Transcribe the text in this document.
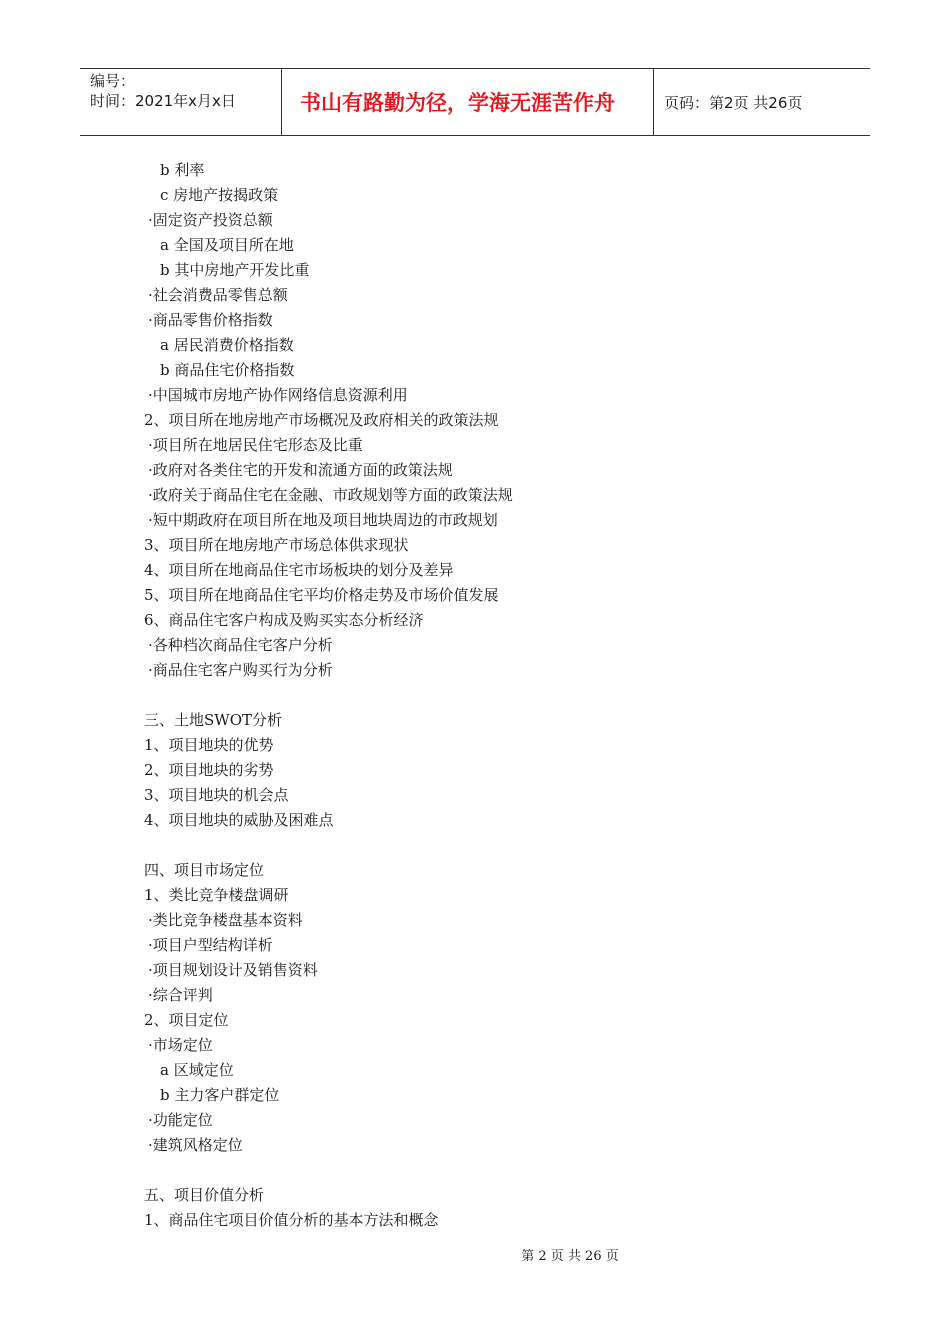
编号：
时间：2021年x月x日	书山有路勤为径，学海无涯苦作舟	页码：第2页 共26页
b 利率
c 房地产按揭政策
·固定资产投资总额
a 全国及项目所在地
b 其中房地产开发比重
·社会消费品零售总额
·商品零售价格指数
a 居民消费价格指数
b 商品住宅价格指数
·中国城市房地产协作网络信息资源利用
2、项目所在地房地产市场概况及政府相关的政策法规
·项目所在地居民住宅形态及比重
·政府对各类住宅的开发和流通方面的政策法规
·政府关于商品住宅在金融、市政规划等方面的政策法规
·短中期政府在项目所在地及项目地块周边的市政规划
3、项目所在地房地产市场总体供求现状
4、项目所在地商品住宅市场板块的划分及差异
5、项目所在地商品住宅平均价格走势及市场价值发展
6、商品住宅客户构成及购买实态分析经济
·各种档次商品住宅客户分析
·商品住宅客户购买行为分析
三、土地SWOT分析
1、项目地块的优势
2、项目地块的劣势
3、项目地块的机会点
4、项目地块的威胁及困难点
四、项目市场定位
1、类比竞争楼盘调研
·类比竞争楼盘基本资料
·项目户型结构详析
·项目规划设计及销售资料
·综合评判
2、项目定位
·市场定位
a 区域定位
b 主力客户群定位
·功能定位
·建筑风格定位
五、项目价值分析
1、商品住宅项目价值分析的基本方法和概念
第 2 页 共 26 页
